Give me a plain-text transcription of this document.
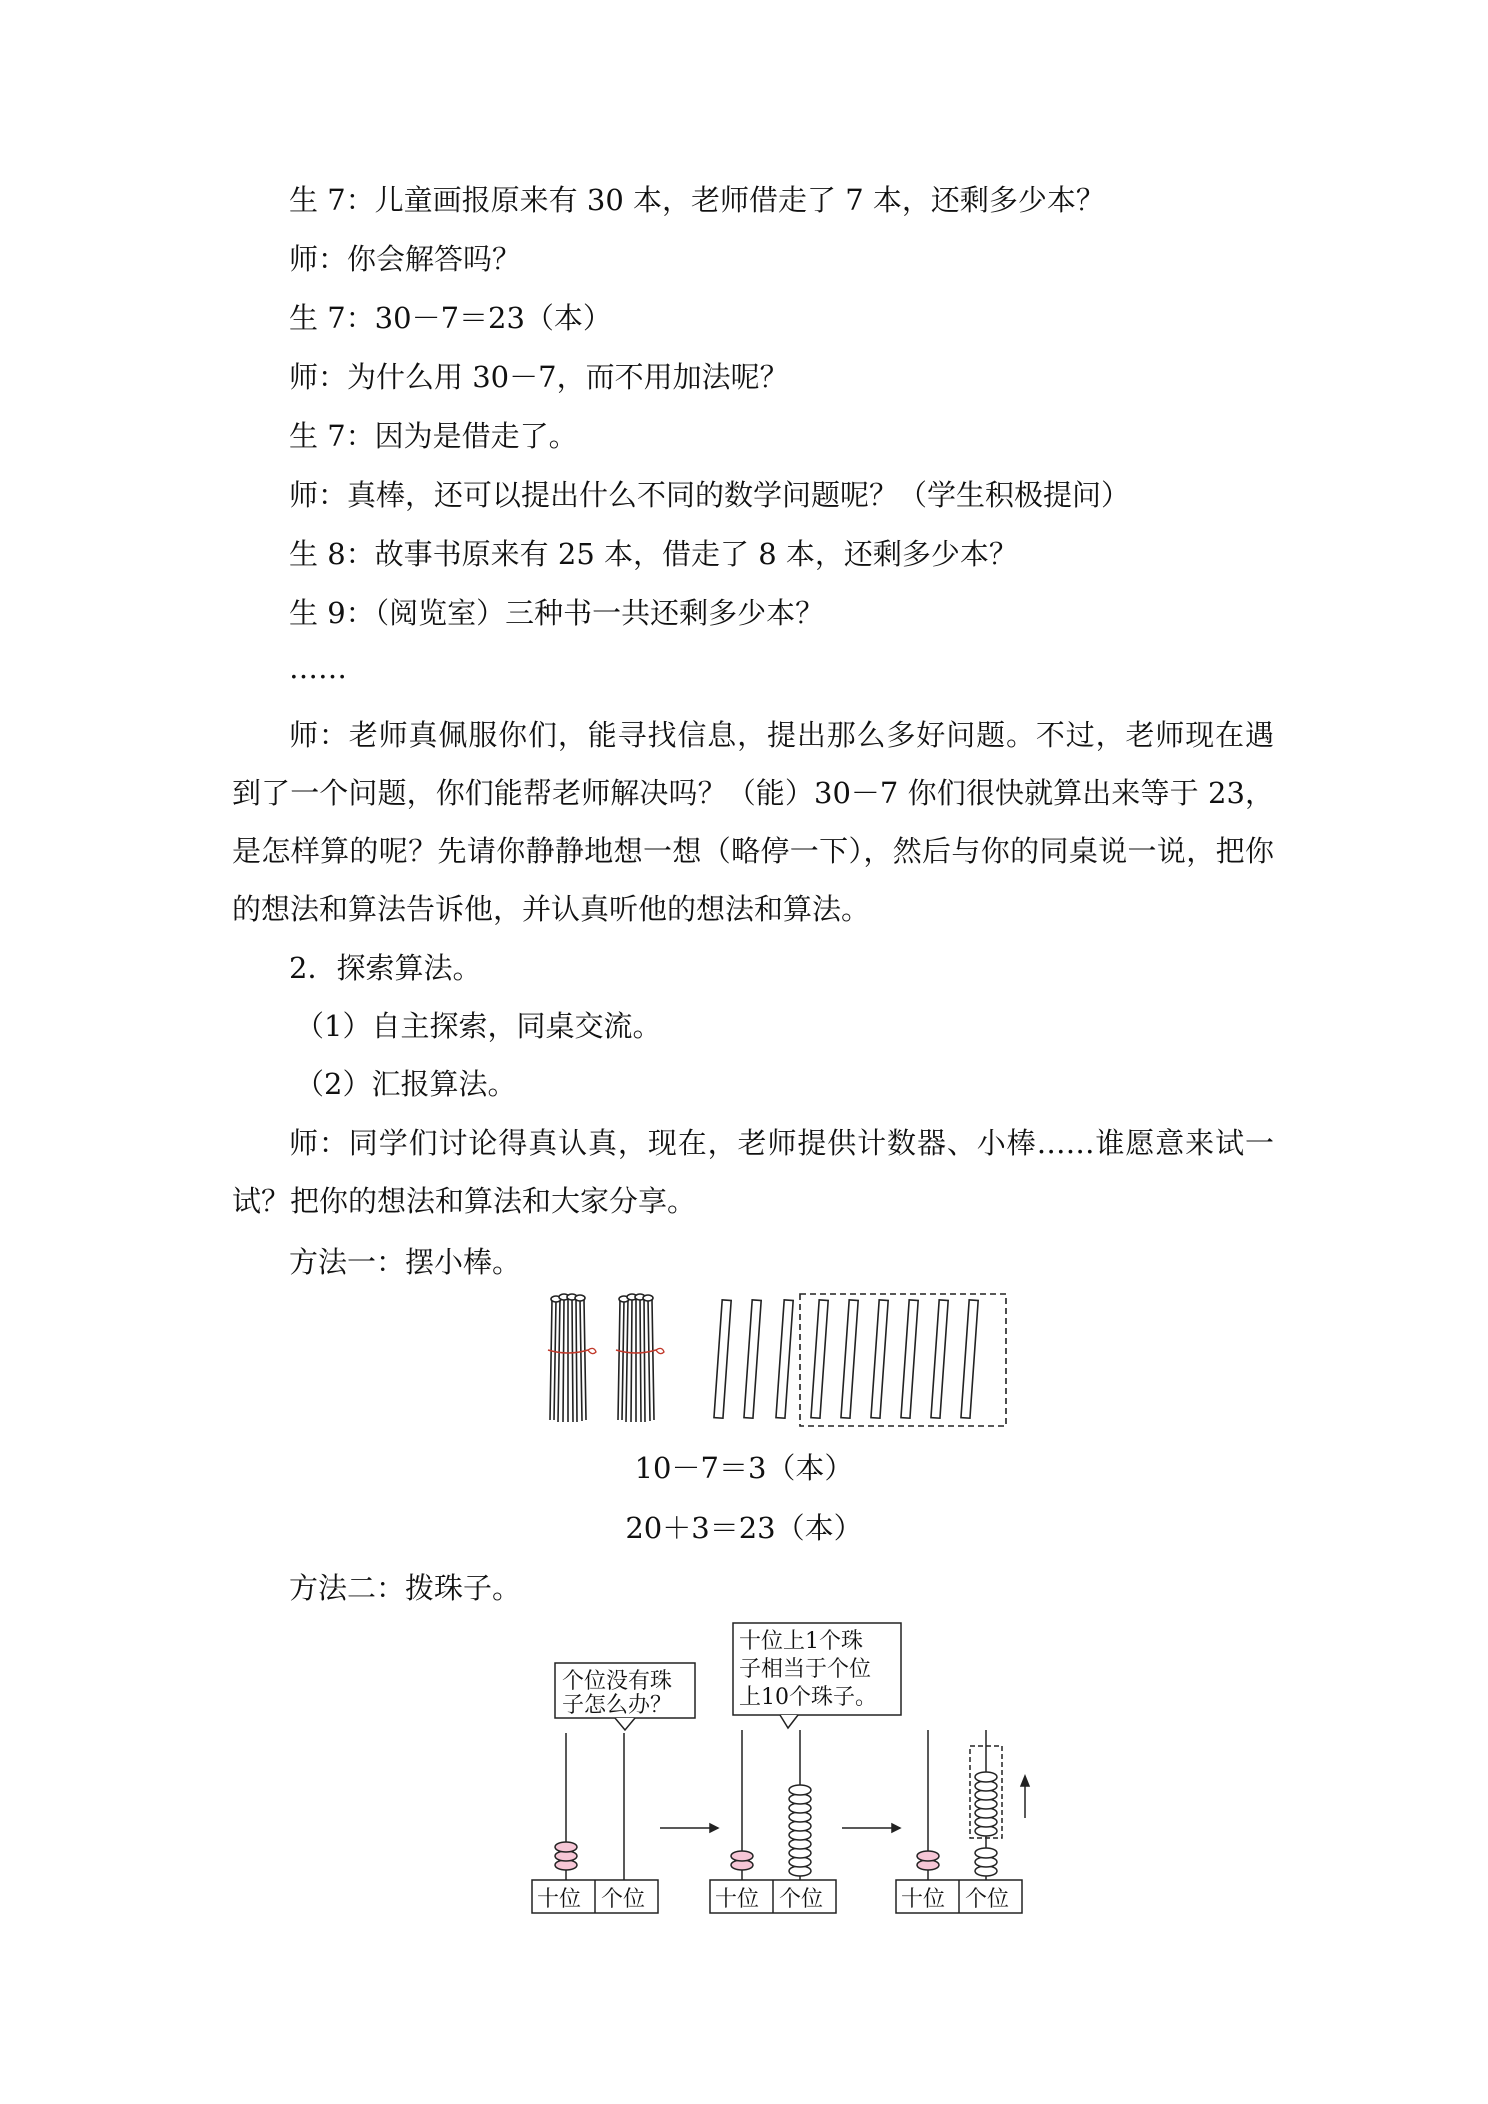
生 7：儿童画报原来有 30 本，老师借走了 7 本，还剩多少本？
师：你会解答吗？
生 7：30－7＝23（本）
师：为什么用 30－7，而不用加法呢？
生 7：因为是借走了。
师：真棒，还可以提出什么不同的数学问题呢？（学生积极提问）
生 8：故事书原来有 25 本，借走了 8 本，还剩多少本？
生 9：（阅览室）三种书一共还剩多少本？
……
师：老师真佩服你们，能寻找信息，提出那么多好问题。不过，老师现在遇到了一个问题，你们能帮老师解决吗？（能）30－7 你们很快就算出来等于 23，是怎样算的呢？先请你静静地想一想（略停一下），然后与你的同桌说一说，把你的想法和算法告诉他，并认真听他的想法和算法。
2．探索算法。
（1）自主探索，同桌交流。
（2）汇报算法。
师：同学们讨论得真认真，现在，老师提供计数器、小棒……谁愿意来试一试？把你的想法和算法和大家分享。
方法一：摆小棒。
10－7＝3（本）
20＋3＝23（本）
方法二：拨珠子。
个位没有珠
子怎么办？
十位上1个珠
子相当于个位
上10个珠子。
十位 个位	十位 个位	十位 个位
